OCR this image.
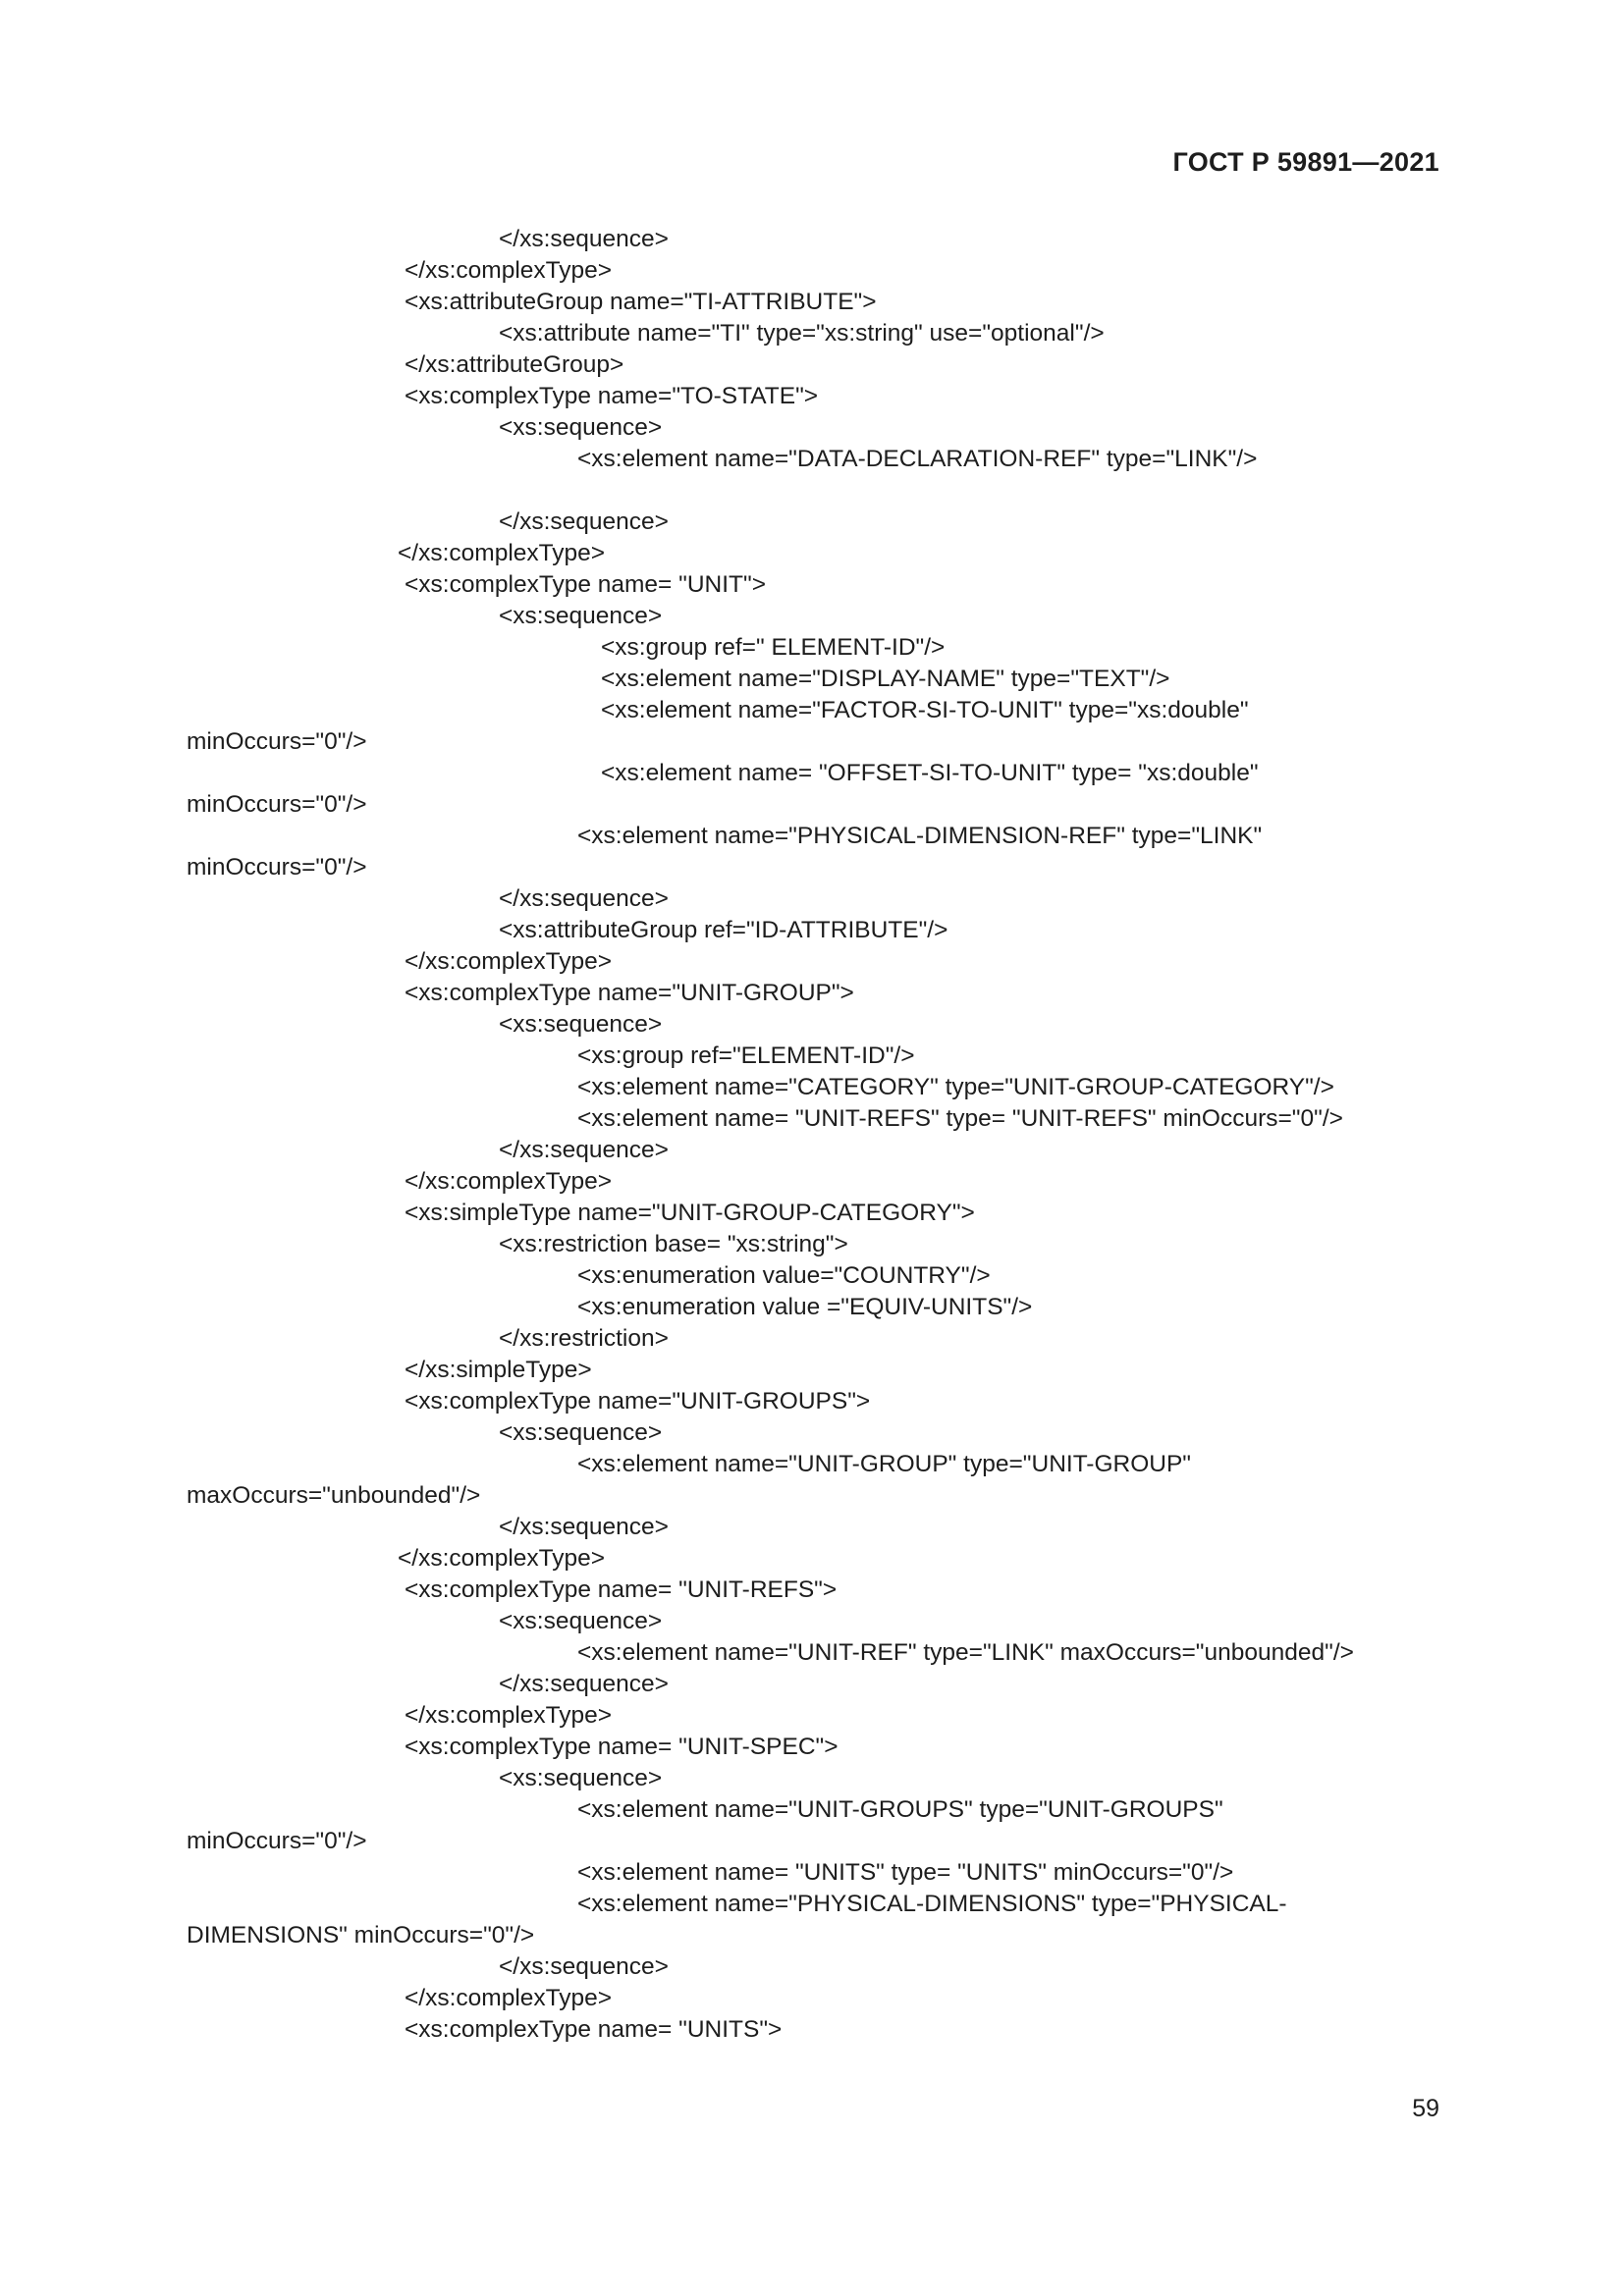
ГОСТ Р 59891—2021
</xs:sequence>
</xs:complexType>
<xs:attributeGroup name="TI-ATTRIBUTE">
<xs:attribute name="TI" type="xs:string" use="optional"/>
</xs:attributeGroup>
<xs:complexType name="TO-STATE">
<xs:sequence>
<xs:element name="DATA-DECLARATION-REF" type="LINK"/>
</xs:sequence>
</xs:complexType>
<xs:complexType name= "UNIT">
<xs:sequence>
<xs:group ref=" ELEMENT-ID"/>
<xs:element name="DISPLAY-NAME" type="TEXT"/>
<xs:element name="FACTOR-SI-TO-UNIT" type="xs:double"
minOccurs="0"/>
<xs:element name= "OFFSET-SI-TO-UNIT" type= "xs:double"
minOccurs="0"/>
<xs:element name="PHYSICAL-DIMENSION-REF" type="LINK"
minOccurs="0"/>
</xs:sequence>
<xs:attributeGroup ref="ID-ATTRIBUTE"/>
</xs:complexType>
<xs:complexType name="UNIT-GROUP">
<xs:sequence>
<xs:group ref="ELEMENT-ID"/>
<xs:element name="CATEGORY" type="UNIT-GROUP-CATEGORY"/>
<xs:element name= "UNIT-REFS" type= "UNIT-REFS" minOccurs="0"/>
</xs:sequence>
</xs:complexType>
<xs:simpleType name="UNIT-GROUP-CATEGORY">
<xs:restriction base= "xs:string">
<xs:enumeration value="COUNTRY"/>
<xs:enumeration value ="EQUIV-UNITS"/>
</xs:restriction>
</xs:simpleType>
<xs:complexType name="UNIT-GROUPS">
<xs:sequence>
<xs:element name="UNIT-GROUP" type="UNIT-GROUP"
maxOccurs="unbounded"/>
</xs:sequence>
</xs:complexType>
<xs:complexType name= "UNIT-REFS">
<xs:sequence>
<xs:element name="UNIT-REF" type="LINK" maxOccurs="unbounded"/>
</xs:sequence>
</xs:complexType>
<xs:complexType name= "UNIT-SPEC">
<xs:sequence>
<xs:element name="UNIT-GROUPS" type="UNIT-GROUPS"
minOccurs="0"/>
<xs:element name= "UNITS" type= "UNITS" minOccurs="0"/>
<xs:element name="PHYSICAL-DIMENSIONS" type="PHYSICAL-
DIMENSIONS" minOccurs="0"/>
</xs:sequence>
</xs:complexType>
<xs:complexType name= "UNITS">
59
